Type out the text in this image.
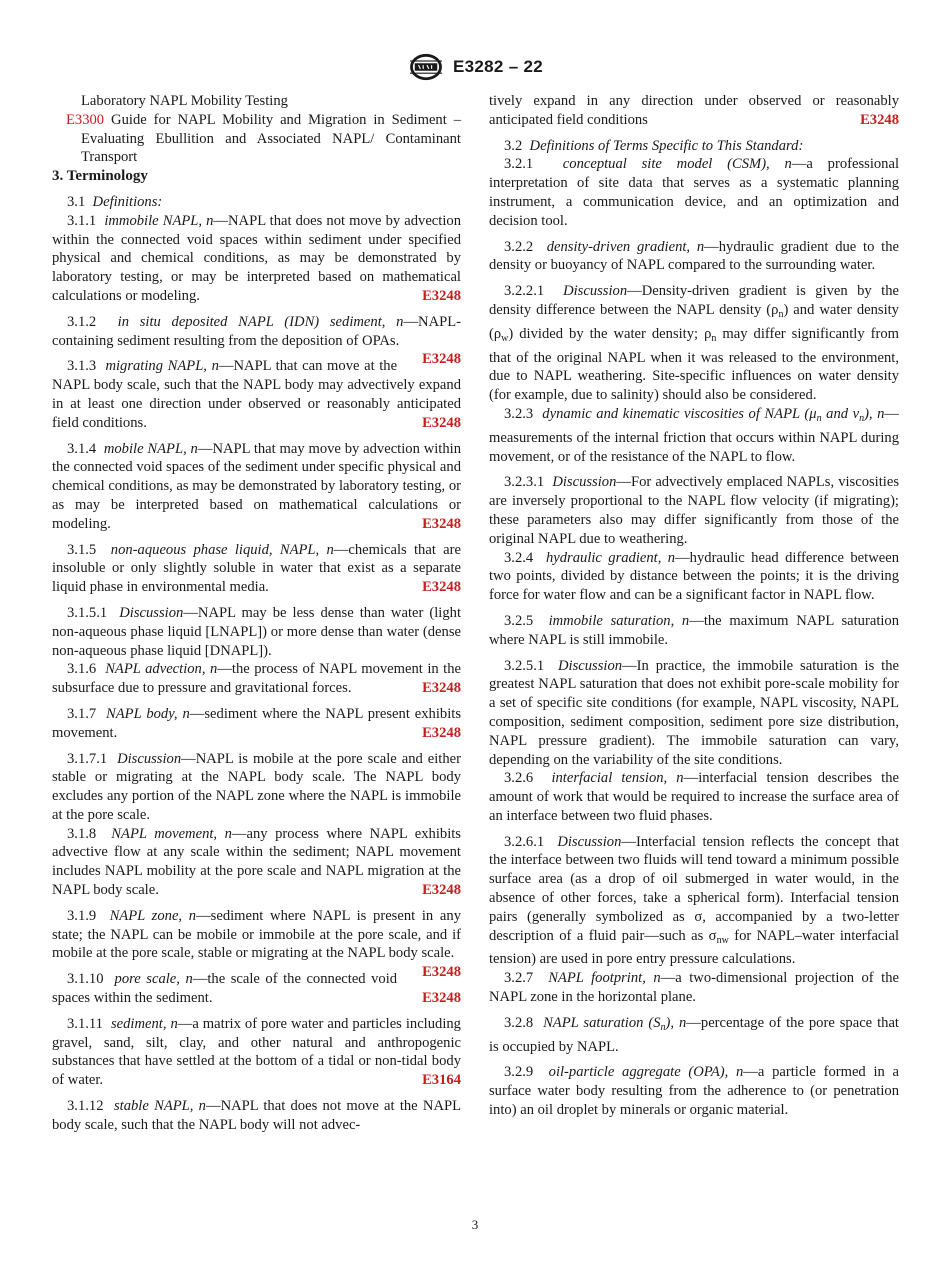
E3282 – 22
Laboratory NAPL Mobility Testing
E3300 Guide for NAPL Mobility and Migration in Sediment – Evaluating Ebullition and Associated NAPL/ Contaminant Transport

3. Terminology

3.1 Definitions:

3.1.1 immobile NAPL, n—NAPL that does not move by advection within the connected void spaces within sediment under specified physical and chemical conditions, as may be demonstrated by laboratory testing, or may be interpreted based on mathematical calculations or modeling.	E3248

3.1.2 in situ deposited NAPL (IDN) sediment, n—NAPL-containing sediment resulting from the deposition of OPAs.
E3248

3.1.3 migrating NAPL, n—NAPL that can move at the NAPL body scale, such that the NAPL body may advectively expand in at least one direction under observed or reasonably anticipated field conditions.	E3248

3.1.4 mobile NAPL, n—NAPL that may move by advection within the connected void spaces of the sediment under specific physical and chemical conditions, as may be demonstrated by laboratory testing, or as may be interpreted based on mathematical calculations or modeling.	E3248

3.1.5 non-aqueous phase liquid, NAPL, n—chemicals that are insoluble or only slightly soluble in water that exist as a separate liquid phase in environmental media.	E3248

3.1.5.1 Discussion—NAPL may be less dense than water (light non-aqueous phase liquid [LNAPL]) or more dense than water (dense non-aqueous phase liquid [DNAPL]).

3.1.6 NAPL advection, n—the process of NAPL movement in the subsurface due to pressure and gravitational forces.	E3248

3.1.7 NAPL body, n—sediment where the NAPL present exhibits movement.	E3248

3.1.7.1 Discussion—NAPL is mobile at the pore scale and either stable or migrating at the NAPL body scale. The NAPL body excludes any portion of the NAPL zone where the NAPL is immobile at the pore scale.

3.1.8 NAPL movement, n—any process where NAPL exhibits advective flow at any scale within the sediment; NAPL movement includes NAPL mobility at the pore scale and NAPL migration at the NAPL body scale.	E3248

3.1.9 NAPL zone, n—sediment where NAPL is present in any state; the NAPL can be mobile or immobile at the pore scale, and if mobile at the pore scale, stable or migrating at the NAPL body scale.
E3248

3.1.10 pore scale, n—the scale of the connected void spaces within the sediment.	E3248

3.1.11 sediment, n—a matrix of pore water and particles including gravel, sand, silt, clay, and other natural and anthropogenic substances that have settled at the bottom of a tidal or non-tidal body of water.	E3164

3.1.12 stable NAPL, n—NAPL that does not move at the NAPL body scale, such that the NAPL body will not advec-

tively expand in any direction under observed or reasonably anticipated field conditions	E3248

3.2 Definitions of Terms Specific to This Standard:

3.2.1 conceptual site model (CSM), n—a professional interpretation of site data that serves as a systematic planning instrument, a communication device, and an optimization and decision tool.

3.2.2 density-driven gradient, n—hydraulic gradient due to the density or buoyancy of NAPL compared to the surrounding water.

3.2.2.1 Discussion—Density-driven gradient is given by the density difference between the NAPL density $(\rho_n)$ and water density $(\rho_w)$ divided by the water density; $\rho_n$ may differ significantly from that of the original NAPL when it was released to the environment, due to NAPL weathering. Site-specific influences on water density (for example, due to salinity) should also be considered.

3.2.3 dynamic and kinematic viscosities of NAPL ($\mu_n$ and $\nu_n$), n—measurements of the internal friction that occurs within NAPL during movement, or of the resistance of the NAPL to flow.

3.2.3.1 Discussion—For advectively emplaced NAPLs, viscosities are inversely proportional to the NAPL flow velocity (if migrating); these parameters also may differ significantly from those of the original NAPL due to weathering.

3.2.4 hydraulic gradient, n—hydraulic head difference between two points, divided by distance between the points; it is the driving force for water flow and can be a significant factor in NAPL flow.

3.2.5 immobile saturation, n—the maximum NAPL saturation where NAPL is still immobile.

3.2.5.1 Discussion—In practice, the immobile saturation is the greatest NAPL saturation that does not exhibit pore-scale mobility for a set of specific site conditions (for example, NAPL viscosity, NAPL composition, sediment composition, sediment pore size distribution, NAPL pressure gradient). The immobile saturation can vary, depending on the variability of the site conditions.

3.2.6 interfacial tension, n—interfacial tension describes the amount of work that would be required to increase the surface area of an interface between two fluid phases.

3.2.6.1 Discussion—Interfacial tension reflects the concept that the interface between two fluids will tend toward a minimum possible surface area (as a drop of oil submerged in water would, in the absence of other forces, take a spherical form). Interfacial tension pairs (generally symbolized as σ, accompanied by a two-letter description of a fluid pair—such as $\sigma_{nw}$ for NAPL–water interfacial tension) are used in pore entry pressure calculations.

3.2.7 NAPL footprint, n—a two-dimensional projection of the NAPL zone in the horizontal plane.

3.2.8 NAPL saturation $(S_n)$, n—percentage of the pore space that is occupied by NAPL.

3.2.9 oil-particle aggregate (OPA), n—a particle formed in a surface water body resulting from the adherence to (or penetration into) an oil droplet by minerals or organic material.

3
